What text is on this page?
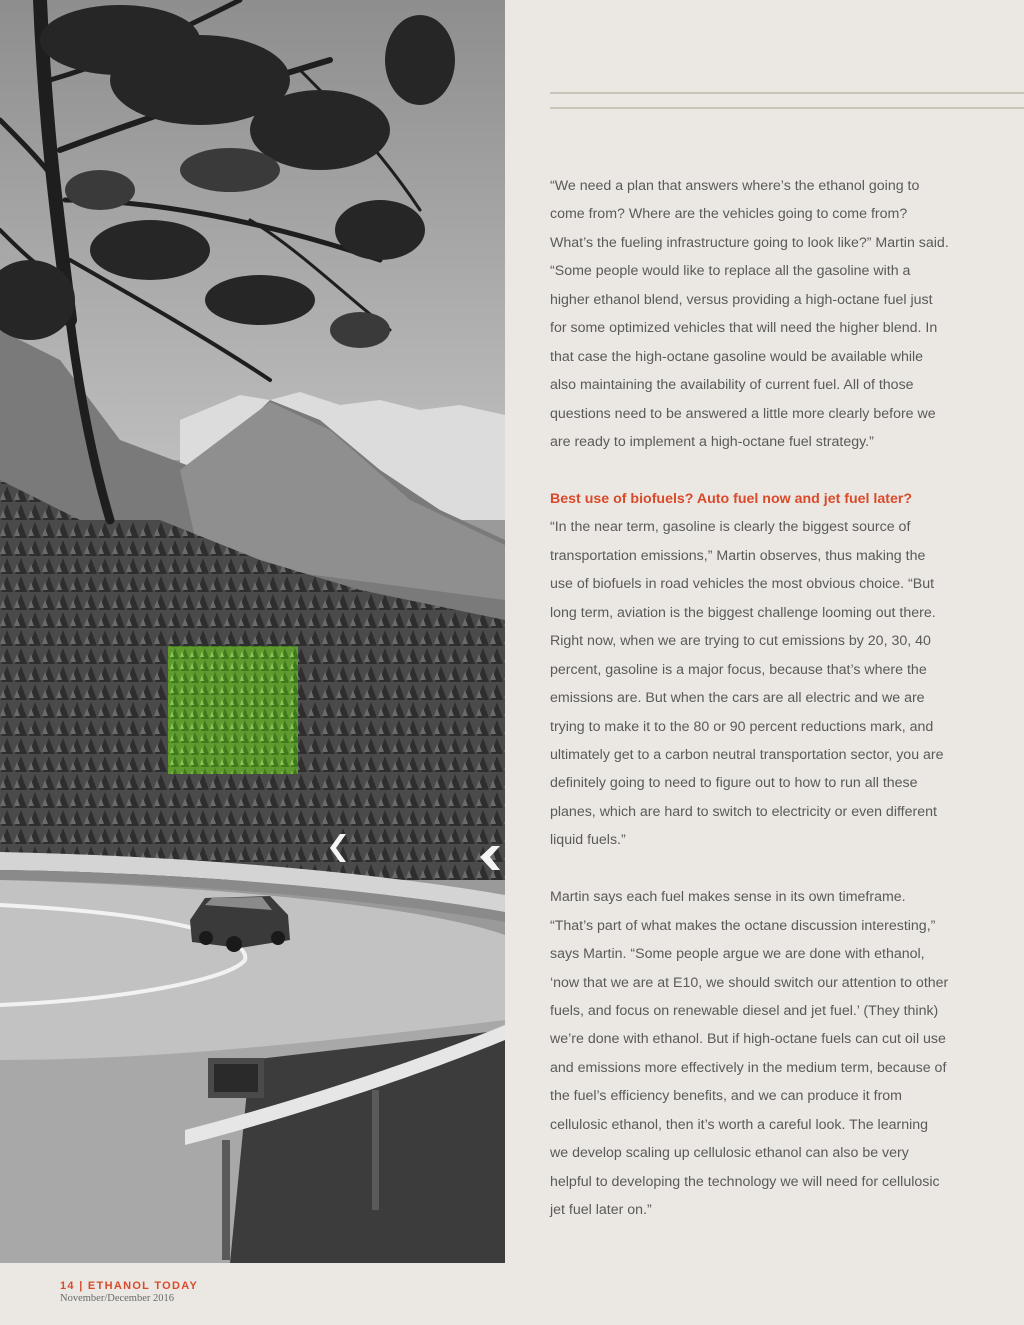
“We need a plan that answers where’s the ethanol going to come from? Where are the vehicles going to come from? What’s the fueling infrastructure going to look like?” Martin said. “Some people would like to replace all the gasoline with a higher ethanol blend, versus providing a high-octane fuel just for some optimized vehicles that will need the higher blend. In that case the high-octane gasoline would be available while also maintaining the availability of current fuel. All of those questions need to be answered a little more clearly before we are ready to implement a high-octane fuel strategy.”

Best use of biofuels? Auto fuel now and jet fuel later?

“In the near term, gasoline is clearly the biggest source of transportation emissions,” Martin observes, thus making the use of biofuels in road vehicles the most obvious choice. “But long term, aviation is the biggest challenge looming out there. Right now, when we are trying to cut emissions by 20, 30, 40 percent, gasoline is a major focus, because that’s where the emissions are. But when the cars are all electric and we are trying to make it to the 80 or 90 percent reductions mark, and ultimately get to a carbon neutral transportation sector, you are definitely going to need to figure out to how to run all these planes, which are hard to switch to electricity or even different liquid fuels.”

Martin says each fuel makes sense in its own timeframe. “That’s part of what makes the octane discussion interesting,” says Martin. “Some people argue we are done with ethanol, ‘now that we are at E10, we should switch our attention to other fuels, and focus on renewable diesel and jet fuel.’ (They think) we’re done with ethanol. But if high-octane fuels can cut oil use and emissions more effectively in the medium term, because of the fuel’s efficiency benefits, and we can produce it from cellulosic ethanol, then it’s worth a careful look. The learning we develop scaling up cellulosic ethanol can also be very helpful to developing the technology we will need for cellulosic jet fuel later on.”

14 | ETHANOL TODAY
November/December 2016
